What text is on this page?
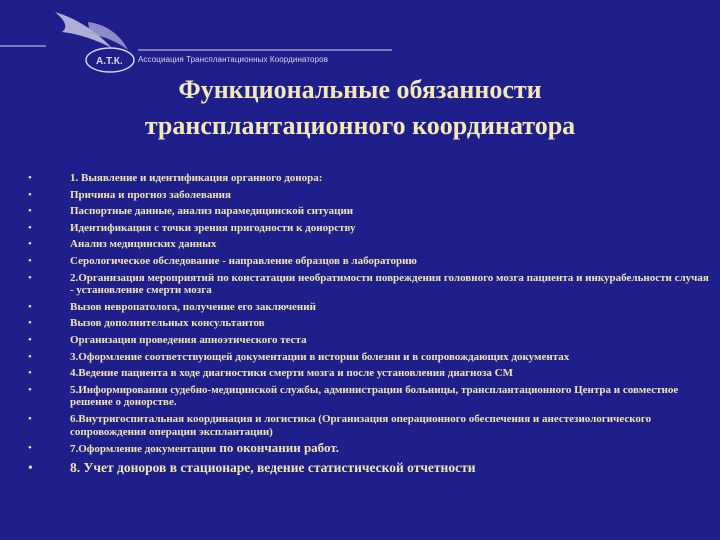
А.Т.К. Ассоциация Трансплантационных Координаторов
Функциональные обязанности
трансплантационного координатора
•	1. Выявление и идентификация органного донора:
•	Причина и прогноз заболевания
•	Паспортные данные, анализ парамедицинской ситуации
•	Идентификация с точки зрения пригодности к донорству
•	Анализ медицинских данных
•	Серологическое обследование - направление образцов в лабораторию
•	2.Организация мероприятий по констатации необратимости повреждения головного мозга пациента и инкурабельности случая - установление смерти мозга
•	Вызов невропатолога, получение его заключений
•	Вызов дополнительных консультантов
•	Организация проведения апноэтического теста
•	3.Оформление соответствующей документации в истории болезни и в сопровождающих документах
•	4.Ведение пациента в ходе диагностики смерти мозга и после установления диагноза СМ
•	5.Информирования судебно-медицинской службы, администрации больницы, трансплантационного Центра и совместное решение о донорстве.
•	6.Внутригоспитальная координация и логистика (Организация операционного обеспечения и анестезиологического сопровождения операции эксплантации)
•	7.Оформление документации по окончании работ.
•	8. Учет доноров в стационаре, ведение статистической отчетности
